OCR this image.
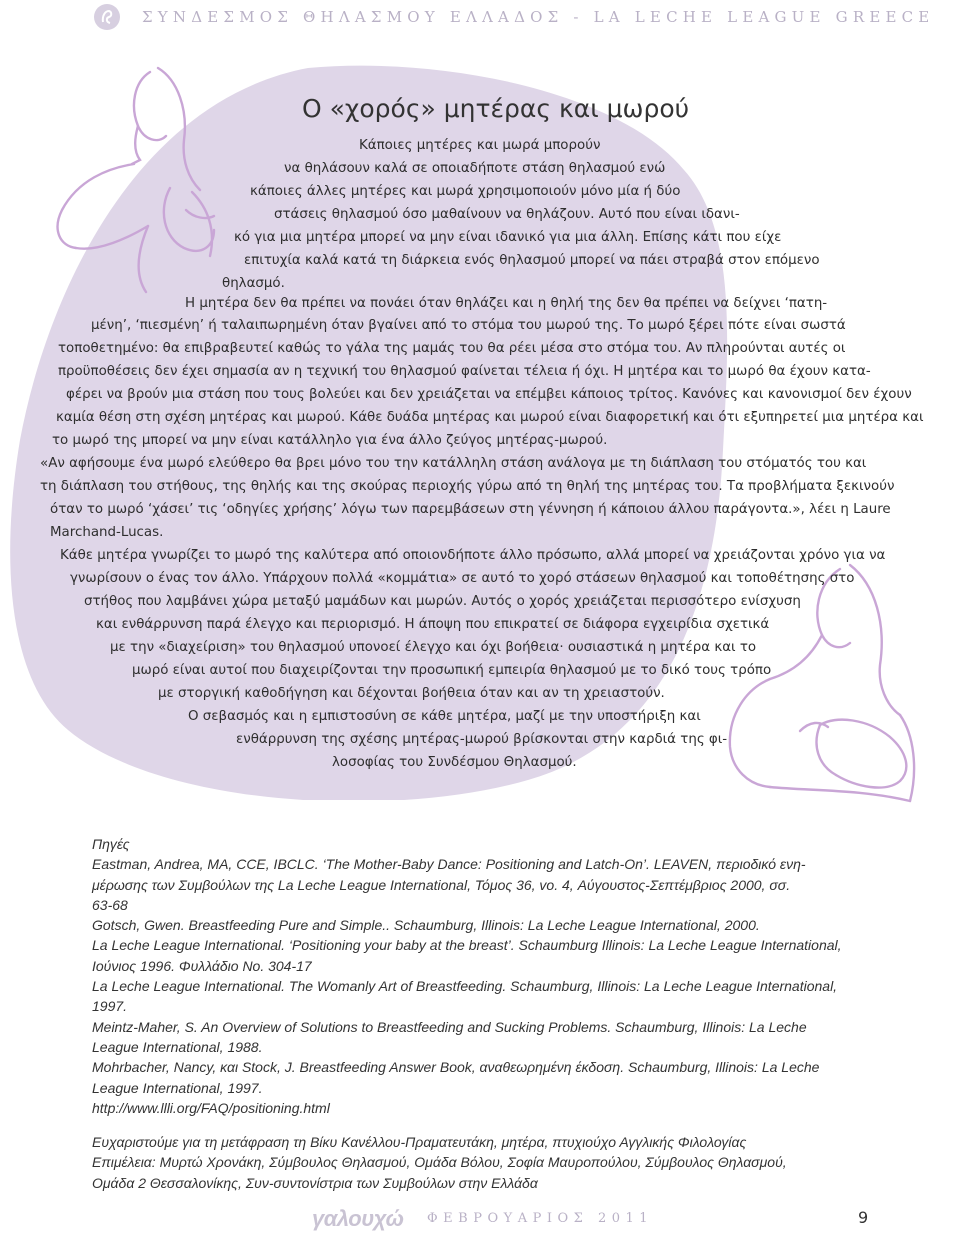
ΣΥΝΔΕΣΜΟΣ ΘΗΛΑΣΜΟΥ ΕΛΛΑΔΟΣ - LA LECHE LEAGUE GREECE
Ο «χορός» μητέρας και μωρού
Κάποιες μητέρες και μωρά μπορούν
να θηλάσουν καλά σε οποιαδήποτε στάση θηλασμού ενώ
κάποιες άλλες μητέρες και μωρά χρησιμοποιούν μόνο μία ή δύο
στάσεις θηλασμού όσο μαθαίνουν να θηλάζουν. Αυτό που είναι ιδανι-
κό για μια μητέρα μπορεί να μην είναι ιδανικό για μια άλλη. Επίσης κάτι που είχε
επιτυχία καλά κατά τη διάρκεια ενός θηλασμού μπορεί να πάει στραβά στον επόμενο
θηλασμό.
Η μητέρα δεν θα πρέπει να πονάει όταν θηλάζει και η θηλή της δεν θα πρέπει να δείχνει ‘πατη-
μένη’, ‘πιεσμένη’ ή ταλαιπωρημένη όταν βγαίνει από το στόμα του μωρού της. Το μωρό ξέρει πότε είναι σωστά
τοποθετημένο: θα επιβραβευτεί καθώς το γάλα της μαμάς του θα ρέει μέσα στο στόμα του. Αν πληρούνται αυτές οι
προϋποθέσεις δεν έχει σημασία αν η τεχνική του θηλασμού φαίνεται τέλεια ή όχι. Η μητέρα και το μωρό θα έχουν κατα-
φέρει να βρούν μια στάση που τους βολεύει και δεν χρειάζεται να επέμβει κάποιος τρίτος. Κανόνες και κανονισμοί δεν έχουν
καμία θέση στη σχέση μητέρας και μωρού. Κάθε δυάδα μητέρας και μωρού είναι διαφορετική και ότι εξυπηρετεί μια μητέρα και
το μωρό της μπορεί να μην είναι κατάλληλο για ένα άλλο ζεύγος μητέρας-μωρού.
«Αν αφήσουμε ένα μωρό ελεύθερο θα βρει μόνο του την κατάλληλη στάση ανάλογα με τη διάπλαση του στόματός του και
τη διάπλαση του στήθους, της θηλής και της σκούρας περιοχής γύρω από τη θηλή της μητέρας του. Τα προβλήματα ξεκινούν
όταν το μωρό ‘χάσει’ τις ‘οδηγίες χρήσης’ λόγω των παρεμβάσεων στη γέννηση ή κάποιου άλλου παράγοντα.», λέει η Laure
Marchand-Lucas.
Κάθε μητέρα γνωρίζει το μωρό της καλύτερα από οποιονδήποτε άλλο πρόσωπο, αλλά μπορεί να χρειάζονται χρόνο για να
γνωρίσουν ο ένας τον άλλο. Υπάρχουν πολλά «κομμάτια» σε αυτό το χορό στάσεων θηλασμού και τοποθέτησης στο
στήθος που λαμβάνει χώρα μεταξύ μαμάδων και μωρών. Αυτός ο χορός χρειάζεται περισσότερο ενίσχυση
και ενθάρρυνση παρά έλεγχο και περιορισμό. Η άποψη που επικρατεί σε διάφορα εγχειρίδια σχετικά
με την «διαχείριση» του θηλασμού υπονοεί έλεγχο και όχι βοήθεια· ουσιαστικά η μητέρα και το
μωρό είναι αυτοί που διαχειρίζονται την προσωπική εμπειρία θηλασμού με το δικό τους τρόπο
με στοργική καθοδήγηση και δέχονται βοήθεια όταν και αν τη χρειαστούν.
Ο σεβασμός και η εμπιστοσύνη σε κάθε μητέρα, μαζί με την υποστήριξη και
ενθάρρυνση της σχέσης μητέρας-μωρού βρίσκονται στην καρδιά της φι-
λοσοφίας του Συνδέσμου Θηλασμού.
Πηγές
Eastman, Andrea, MA, CCE, IBCLC. ‘The Mother-Baby Dance: Positioning and Latch-On’. LEAVEN, περιοδικό ενη-
μέρωσης των Συμβούλων της La Leche League International, Τόμος 36, vo. 4, Αύγουστος-Σεπτέμβριος 2000, σσ.
63-68
Gotsch, Gwen. Breastfeeding Pure and Simple.. Schaumburg, Illinois: La Leche League International, 2000.
La Leche League International. ‘Positioning your baby at the breast’. Schaumburg Illinois: La Leche League International,
Ιούνιος 1996. Φυλλάδιο No. 304-17
La Leche League International. The Womanly Art of Breastfeeding. Schaumburg, Illinois: La Leche League International,
1997.
Meintz-Maher, S. An Overview of Solutions to Breastfeeding and Sucking Problems. Schaumburg, Illinois: La Leche
League International, 1988.
Mohrbacher, Nancy, και Stock, J. Breastfeeding Answer Book, αναθεωρημένη έκδοση. Schaumburg, Illinois: La Leche
League International, 1997.
http://www.llli.org/FAQ/positioning.html
Ευχαριστούμε για τη μετάφραση τη Βίκυ Κανέλλου-Πραματευτάκη, μητέρα, πτυχιούχο Αγγλικής Φιλολογίας
Επιμέλεια: Μυρτώ Χρονάκη, Σύμβουλος Θηλασμού, Ομάδα Βόλου, Σοφία Μαυροπούλου, Σύμβουλος Θηλασμού,
Ομάδα 2 Θεσσαλονίκης, Συν-συντονίστρια των Συμβούλων στην Ελλάδα
γαλουχώ ΦΕΒΡΟΥΑΡΙΟΣ 2011	9
